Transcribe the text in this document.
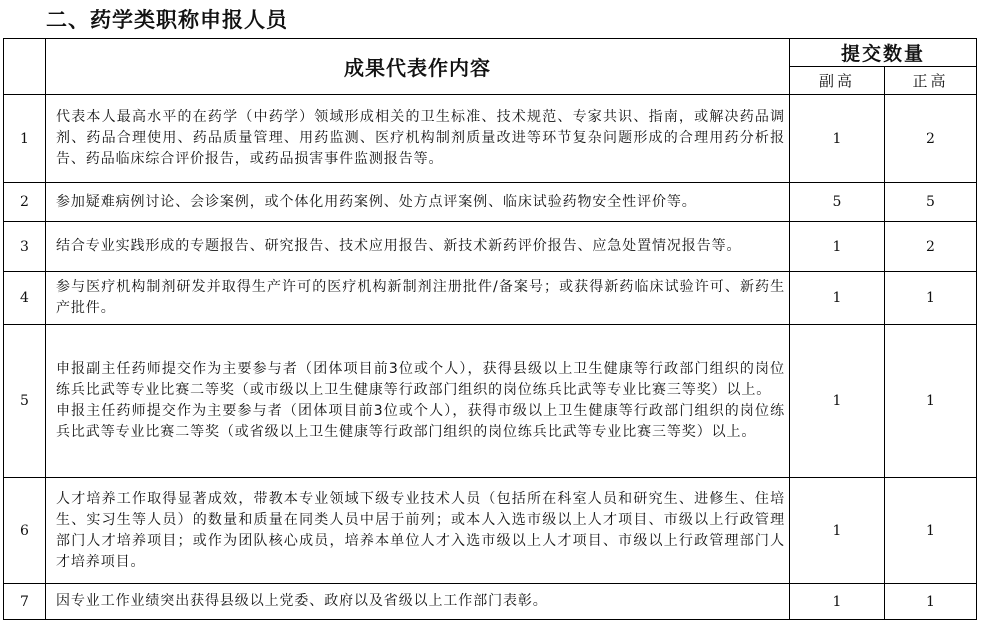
二、药学类职称申报人员
	成果代表作内容	提交数量	
		副高	正高
1	代表本人最高水平的在药学（中药学）领域形成相关的卫生标准、技术规范、专家共识、指南，或解决药品调剂、药品合理使用、药品质量管理、用药监测、医疗机构制剂质量改进等环节复杂问题形成的合理用药分析报告、药品临床综合评价报告，或药品损害事件监测报告等。	1	2
2	参加疑难病例讨论、会诊案例，或个体化用药案例、处方点评案例、临床试验药物安全性评价等。	5	5
3	结合专业实践形成的专题报告、研究报告、技术应用报告、新技术新药评价报告、应急处置情况报告等。	1	2
4	参与医疗机构制剂研发并取得生产许可的医疗机构新制剂注册批件/备案号；或获得新药临床试验许可、新药生产批件。	1	1
5	申报副主任药师提交作为主要参与者（团体项目前3位或个人），获得县级以上卫生健康等行政部门组织的岗位练兵比武等专业比赛二等奖（或市级以上卫生健康等行政部门组织的岗位练兵比武等专业比赛三等奖）以上。
申报主任药师提交作为主要参与者（团体项目前3位或个人），获得市级以上卫生健康等行政部门组织的岗位练兵比武等专业比赛二等奖（或省级以上卫生健康等行政部门组织的岗位练兵比武等专业比赛三等奖）以上。	1	1
6	人才培养工作取得显著成效，带教本专业领域下级专业技术人员（包括所在科室人员和研究生、进修生、住培生、实习生等人员）的数量和质量在同类人员中居于前列；或本人入选市级以上人才项目、市级以上行政管理部门人才培养项目；或作为团队核心成员，培养本单位人才入选市级以上人才项目、市级以上行政管理部门人才培养项目。	1	1
7	因专业工作业绩突出获得县级以上党委、政府以及省级以上工作部门表彰。	1	1
